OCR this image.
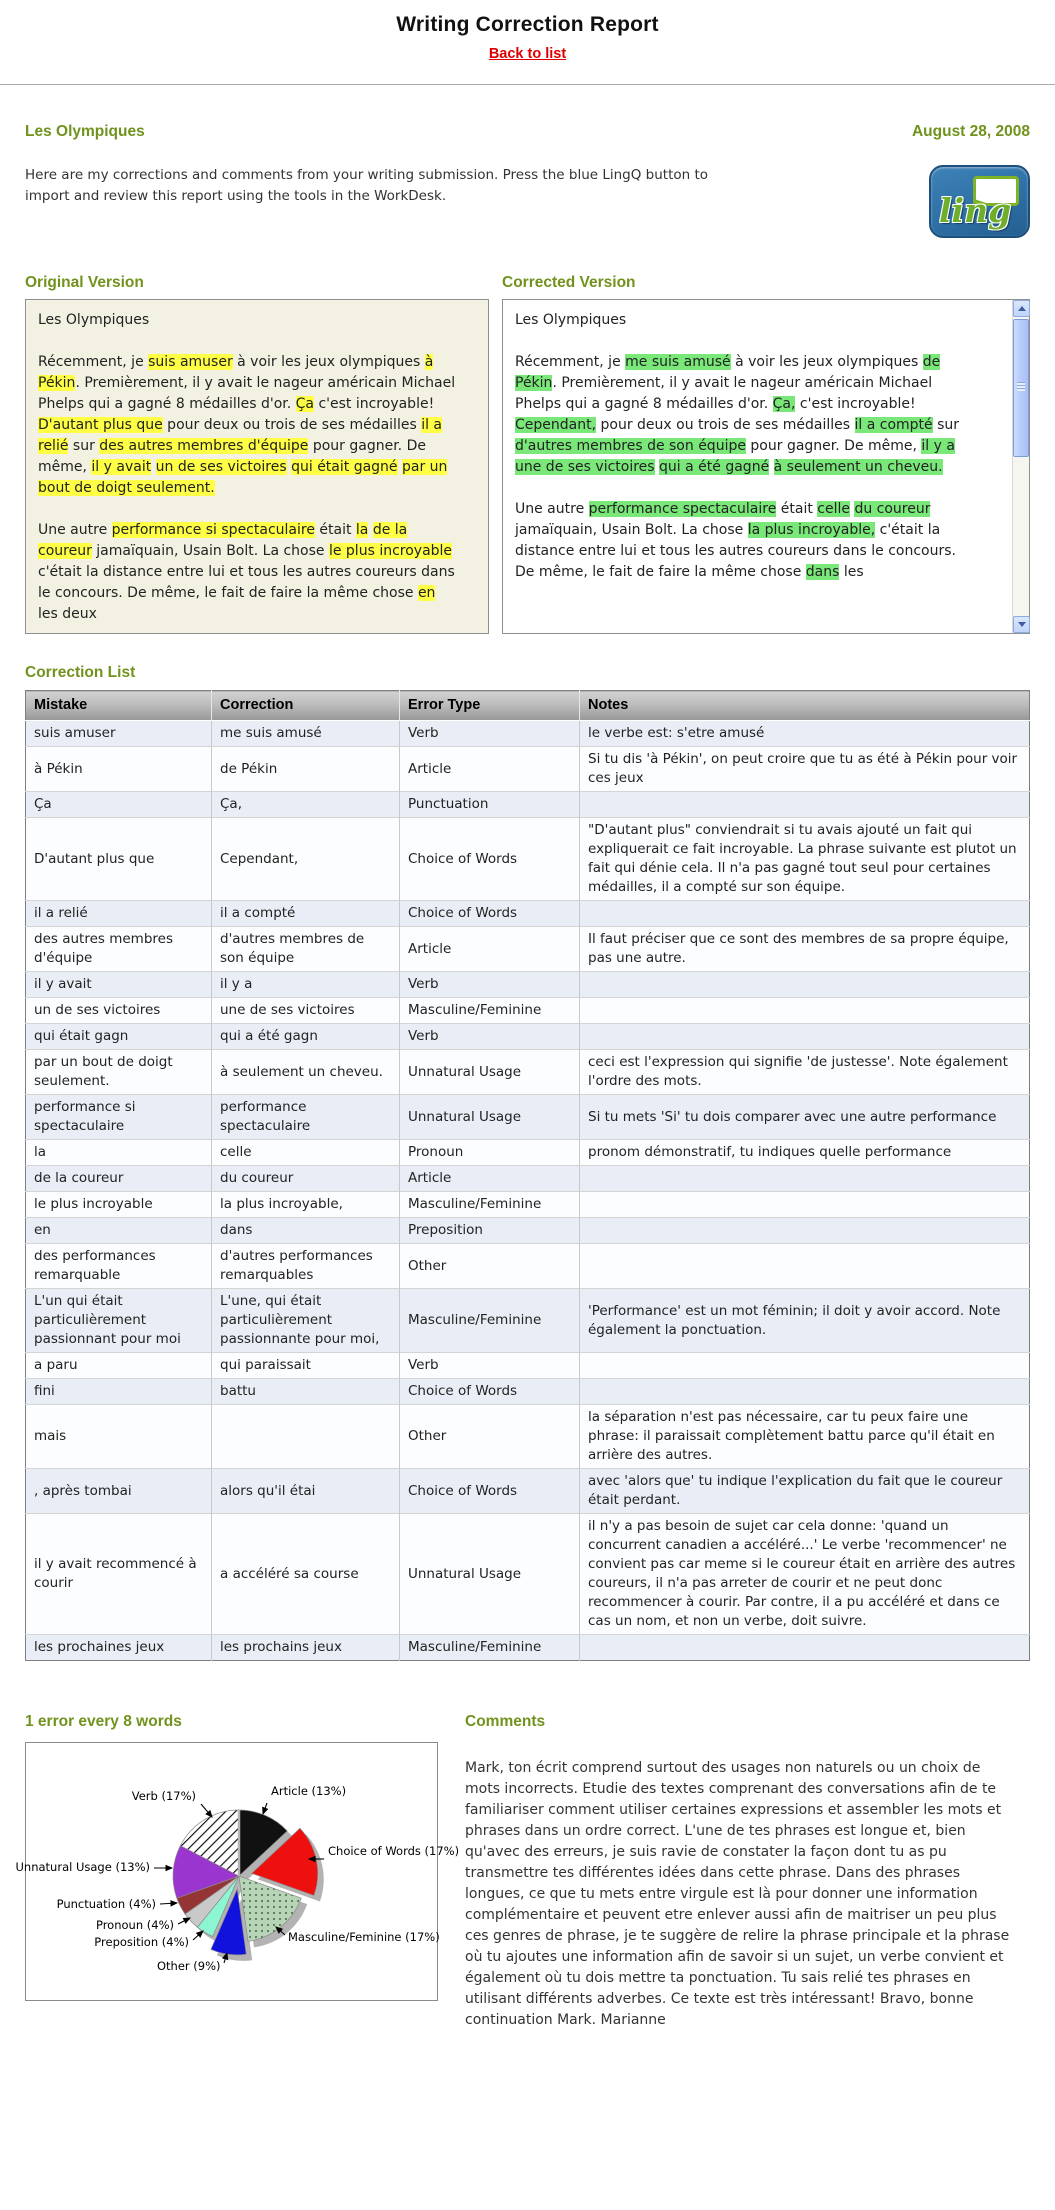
Writing Correction Report
Back to list
Les Olympiques	August 28, 2008

Here are my corrections and comments from your writing submission. Press the blue LingQ button to import and review this report using the tools in the WorkDesk.	ling
Original Version

Les Olympiques

Récemment, je suis amuser à voir les jeux olympiques à Pékin. Premièrement, il y avait le nageur américain Michael Phelps qui a gagné 8 médailles d'or. Ça c'est incroyable! D'autant plus que pour deux ou trois de ses médailles il a relié sur des autres membres d'équipe pour gagner. De même, il y avait un de ses victoires qui était gagné par un bout de doigt seulement.

Une autre performance si spectaculaire était la de la coureur jamaïquain, Usain Bolt. La chose le plus incroyable c'était la distance entre lui et tous les autres coureurs dans le concours. De même, le fait de faire la même chose en les deux

Corrected Version

Les Olympiques

Récemment, je me suis amusé à voir les jeux olympiques de Pékin. Premièrement, il y avait le nageur américain Michael Phelps qui a gagné 8 médailles d'or. Ça, c'est incroyable! Cependant, pour deux ou trois de ses médailles il a compté sur d'autres membres de son équipe pour gagner. De même, il y a une de ses victoires qui a été gagné à seulement un cheveu.

Une autre performance spectaculaire était celle du coureur jamaïquain, Usain Bolt. La chose la plus incroyable, c'était la distance entre lui et tous les autres coureurs dans le concours. De même, le fait de faire la même chose dans les

Correction List
Mistake	Correction	Error Type	Notes
suis amuser	me suis amusé	Verb	le verbe est: s'etre amusé
à Pékin	de Pékin	Article	Si tu dis 'à Pékin', on peut croire que tu as été à Pékin pour voir ces jeux
Ça	Ça,	Punctuation	
D'autant plus que	Cependant,	Choice of Words	"D'autant plus" conviendrait si tu avais ajouté un fait qui expliquerait ce fait incroyable. La phrase suivante est plutot un fait qui dénie cela. Il n'a pas gagné tout seul pour certaines médailles, il a compté sur son équipe.
il a relié	il a compté	Choice of Words	
des autres membres d'équipe	d'autres membres de son équipe	Article	Il faut préciser que ce sont des membres de sa propre équipe, pas une autre.
il y avait	il y a	Verb	
un de ses victoires	une de ses victoires	Masculine/Feminine	
qui était gagn	qui a été gagn	Verb	
par un bout de doigt seulement.	à seulement un cheveu.	Unnatural Usage	ceci est l'expression qui signifie 'de justesse'. Note également l'ordre des mots.
performance si spectaculaire	performance spectaculaire	Unnatural Usage	Si tu mets 'Si' tu dois comparer avec une autre performance
la	celle	Pronoun	pronom démonstratif, tu indiques quelle performance
de la coureur	du coureur	Article	
le plus incroyable	la plus incroyable,	Masculine/Feminine	
en	dans	Preposition	
des performances remarquable	d'autres performances remarquables	Other	
L'un qui était particulièrement passionnant pour moi	L'une, qui était particulièrement passionnante pour moi,	Masculine/Feminine	'Performance' est un mot féminin; il doit y avoir accord. Note également la ponctuation.
a paru	qui paraissait	Verb	
fini	battu	Choice of Words	
mais		Other	la séparation n'est pas nécessaire, car tu peux faire une phrase: il paraissait complètement battu parce qu'il était en arrière des autres.
, après tombai	alors qu'il étai	Choice of Words	avec 'alors que' tu indique l'explication du fait que le coureur était perdant.
il y avait recommencé à courir	a accéléré sa course	Unnatural Usage	il n'y a pas besoin de sujet car cela donne: 'quand un concurrent canadien a accéléré...' Le verbe 'recommencer' ne convient pas car meme si le coureur était en arrière des autres coureurs, il n'a pas arreter de courir et ne peut donc recommencer à courir. Par contre, il a pu accéléré et dans ce cas un nom, et non un verbe, doit suivre.
les prochaines jeux	les prochains jeux	Masculine/Feminine	
1 error every 8 words
Verb (17%)	Article (13%)
Choice of Words (17%)
Unnatural Usage (13%)
Punctuation (4%)
Pronoun (4%)
Preposition (4%)
Other (9%)
Masculine/Feminine (17%)
Comments

Mark, ton écrit comprend surtout des usages non naturels ou un choix de mots incorrects. Etudie des textes comprenant des conversations afin de te familiariser comment utiliser certaines expressions et assembler les mots et phrases dans un ordre correct. L'une de tes phrases est longue et, bien qu'avec des erreurs, je suis ravie de constater la façon dont tu as pu transmettre tes différentes idées dans cette phrase. Dans des phrases longues, ce que tu mets entre virgule est là pour donner une information complémentaire et peuvent etre enlever aussi afin de maitriser un peu plus ces genres de phrase, je te suggère de relire la phrase principale et la phrase où tu ajoutes une information afin de savoir si un sujet, un verbe convient et également où tu dois mettre ta ponctuation. Tu sais relié tes phrases en utilisant différents adverbes. Ce texte est très intéressant! Bravo, bonne continuation Mark. Marianne
